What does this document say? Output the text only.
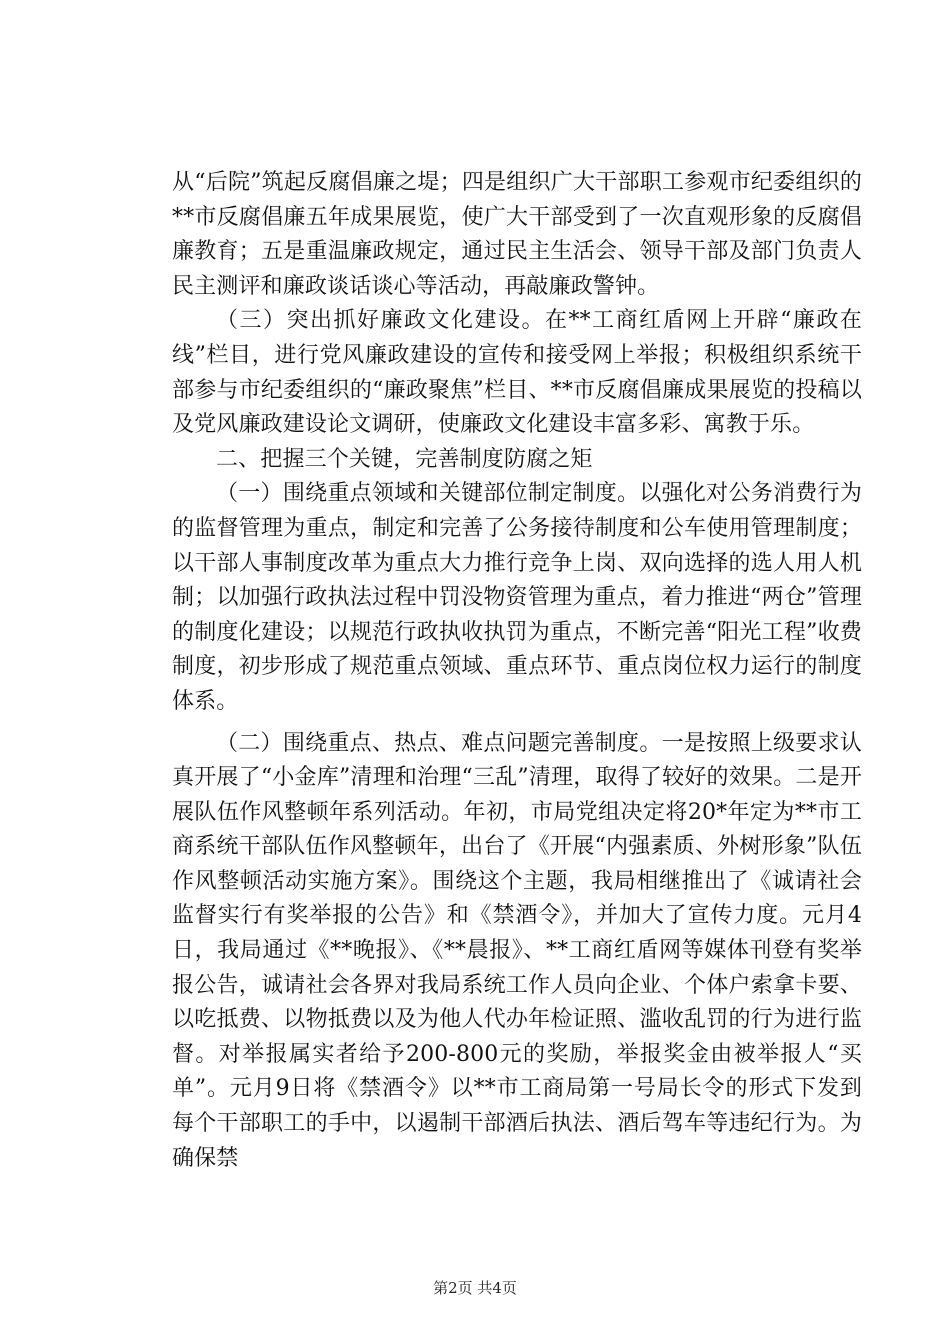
从“后院”筑起反腐倡廉之堤；四是组织广大干部职工参观市纪委组织的**市反腐倡廉五年成果展览，使广大干部受到了一次直观形象的反腐倡廉教育；五是重温廉政规定，通过民主生活会、领导干部及部门负责人民主测评和廉政谈话谈心等活动，再敲廉政警钟。

（三）突出抓好廉政文化建设。在**工商红盾网上开辟“廉政在线”栏目，进行党风廉政建设的宣传和接受网上举报；积极组织系统干部参与市纪委组织的“廉政聚焦”栏目、**市反腐倡廉成果展览的投稿以及党风廉政建设论文调研，使廉政文化建设丰富多彩、寓教于乐。

二、把握三个关键，完善制度防腐之矩

（一）围绕重点领域和关键部位制定制度。以强化对公务消费行为的监督管理为重点，制定和完善了公务接待制度和公车使用管理制度；以干部人事制度改革为重点大力推行竞争上岗、双向选择的选人用人机制；以加强行政执法过程中罚没物资管理为重点，着力推进“两仓”管理的制度化建设；以规范行政执收执罚为重点，不断完善“阳光工程”收费制度，初步形成了规范重点领域、重点环节、重点岗位权力运行的制度体系。

（二）围绕重点、热点、难点问题完善制度。一是按照上级要求认真开展了“小金库”清理和治理“三乱”清理，取得了较好的效果。二是开展队伍作风整顿年系列活动。年初，市局党组决定将20*年定为**市工商系统干部队伍作风整顿年，出台了《开展“内强素质、外树形象”队伍作风整顿活动实施方案》。围绕这个主题，我局相继推出了《诚请社会监督实行有奖举报的公告》和《禁酒令》，并加大了宣传力度。元月4日，我局通过《**晚报》、《**晨报》、**工商红盾网等媒体刊登有奖举报公告，诚请社会各界对我局系统工作人员向企业、个体户索拿卡要、以吃抵费、以物抵费以及为他人代办年检证照、滥收乱罚的行为进行监督。对举报属实者给予200-800元的奖励，举报奖金由被举报人“买单”。元月9日将《禁酒令》以**市工商局第一号局长令的形式下发到每个干部职工的手中，以遏制干部酒后执法、酒后驾车等违纪行为。为确保禁

第2页 共4页
